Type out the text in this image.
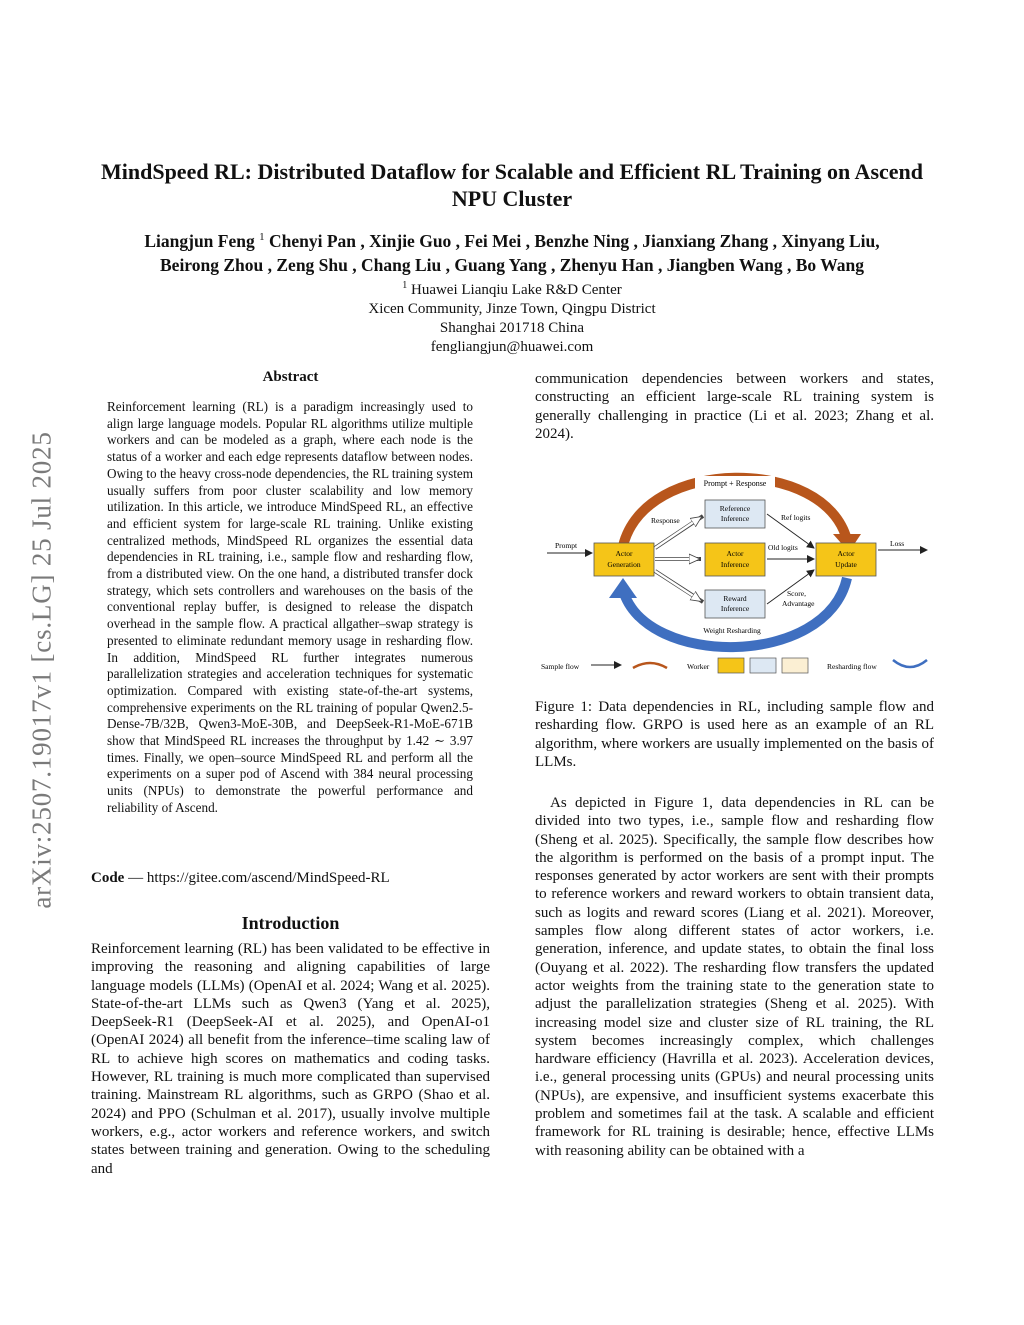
arXiv:2507.19017v1 [cs.LG] 25 Jul 2025
MindSpeed RL: Distributed Dataflow for Scalable and Efficient RL Training on Ascend NPU Cluster
Liangjun Feng $^1$ Chenyi Pan , Xinjie Guo , Fei Mei , Benzhe Ning , Jianxiang Zhang , Xinyang Liu,
Beirong Zhou , Zeng Shu , Chang Liu , Guang Yang , Zhenyu Han , Jiangben Wang , Bo Wang
$^1$ Huawei Lianqiu Lake R&D Center
Xicen Community, Jinze Town, Qingpu District
Shanghai 201718 China
fengliangjun@huawei.com
Abstract
Reinforcement learning (RL) is a paradigm increasingly used to align large language models. Popular RL algorithms utilize multiple workers and can be modeled as a graph, where each node is the status of a worker and each edge represents dataflow between nodes. Owing to the heavy cross-node dependencies, the RL training system usually suffers from poor cluster scalability and low memory utilization. In this article, we introduce MindSpeed RL, an effective and efficient system for large-scale RL training. Unlike existing centralized methods, MindSpeed RL organizes the essential data dependencies in RL training, i.e., sample flow and resharding flow, from a distributed view. On the one hand, a distributed transfer dock strategy, which sets controllers and warehouses on the basis of the conventional replay buffer, is designed to release the dispatch overhead in the sample flow. A practical allgather–swap strategy is presented to eliminate redundant memory usage in resharding flow. In addition, MindSpeed RL further integrates numerous parallelization strategies and acceleration techniques for systematic optimization. Compared with existing state-of-the-art systems, comprehensive experiments on the RL training of popular Qwen2.5-Dense-7B/32B, Qwen3-MoE-30B, and DeepSeek-R1-MoE-671B show that MindSpeed RL increases the throughput by 1.42 ∼ 3.97 times. Finally, we open–source MindSpeed RL and perform all the experiments on a super pod of Ascend with 384 neural processing units (NPUs) to demonstrate the powerful performance and reliability of Ascend.
Code — https://gitee.com/ascend/MindSpeed-RL
Introduction
Reinforcement learning (RL) has been validated to be effective in improving the reasoning and aligning capabilities of large language models (LLMs) (OpenAI et al. 2024; Wang et al. 2025). State-of-the-art LLMs such as Qwen3 (Yang et al. 2025), DeepSeek-R1 (DeepSeek-AI et al. 2025), and OpenAI-o1 (OpenAI 2024) all benefit from the inference–time scaling law of RL to achieve high scores on mathematics and coding tasks. However, RL training is much more complicated than supervised training. Mainstream RL algorithms, such as GRPO (Shao et al. 2024) and PPO (Schulman et al. 2017), usually involve multiple workers, e.g., actor workers and reference workers, and switch states between training and generation. Owing to the scheduling and
communication dependencies between workers and states, constructing an efficient large-scale RL training system is generally challenging in practice (Li et al. 2023; Zhang et al. 2024).
Prompt + Response
Reference
Inference
Actor
Generation
Actor
Inference
Actor
Update
Reward
Inference
Prompt	Loss
Response	Ref logits
Old logits
Score,
Advantage
Weight Resharding
Sample flow	Worker	Resharding flow
Figure 1: Data dependencies in RL, including sample flow and resharding flow. GRPO is used here as an example of an RL algorithm, where workers are usually implemented on the basis of LLMs.
As depicted in Figure 1, data dependencies in RL can be divided into two types, i.e., sample flow and resharding flow (Sheng et al. 2025). Specifically, the sample flow describes how the algorithm is performed on the basis of a prompt input. The responses generated by actor workers are sent with their prompts to reference workers and reward workers to obtain transient data, such as logits and reward scores (Liang et al. 2021). Moreover, samples flow along different states of actor workers, i.e. generation, inference, and update states, to obtain the final loss (Ouyang et al. 2022). The resharding flow transfers the updated actor weights from the training state to the generation state to adjust the parallelization strategies (Sheng et al. 2025). With increasing model size and cluster size of RL training, the RL system becomes increasingly complex, which challenges hardware efficiency (Havrilla et al. 2023). Acceleration devices, i.e., general processing units (GPUs) and neural processing units (NPUs), are expensive, and insufficient systems exacerbate this problem and sometimes fail at the task. A scalable and efficient framework for RL training is desirable; hence, effective LLMs with reasoning ability can be obtained with a
